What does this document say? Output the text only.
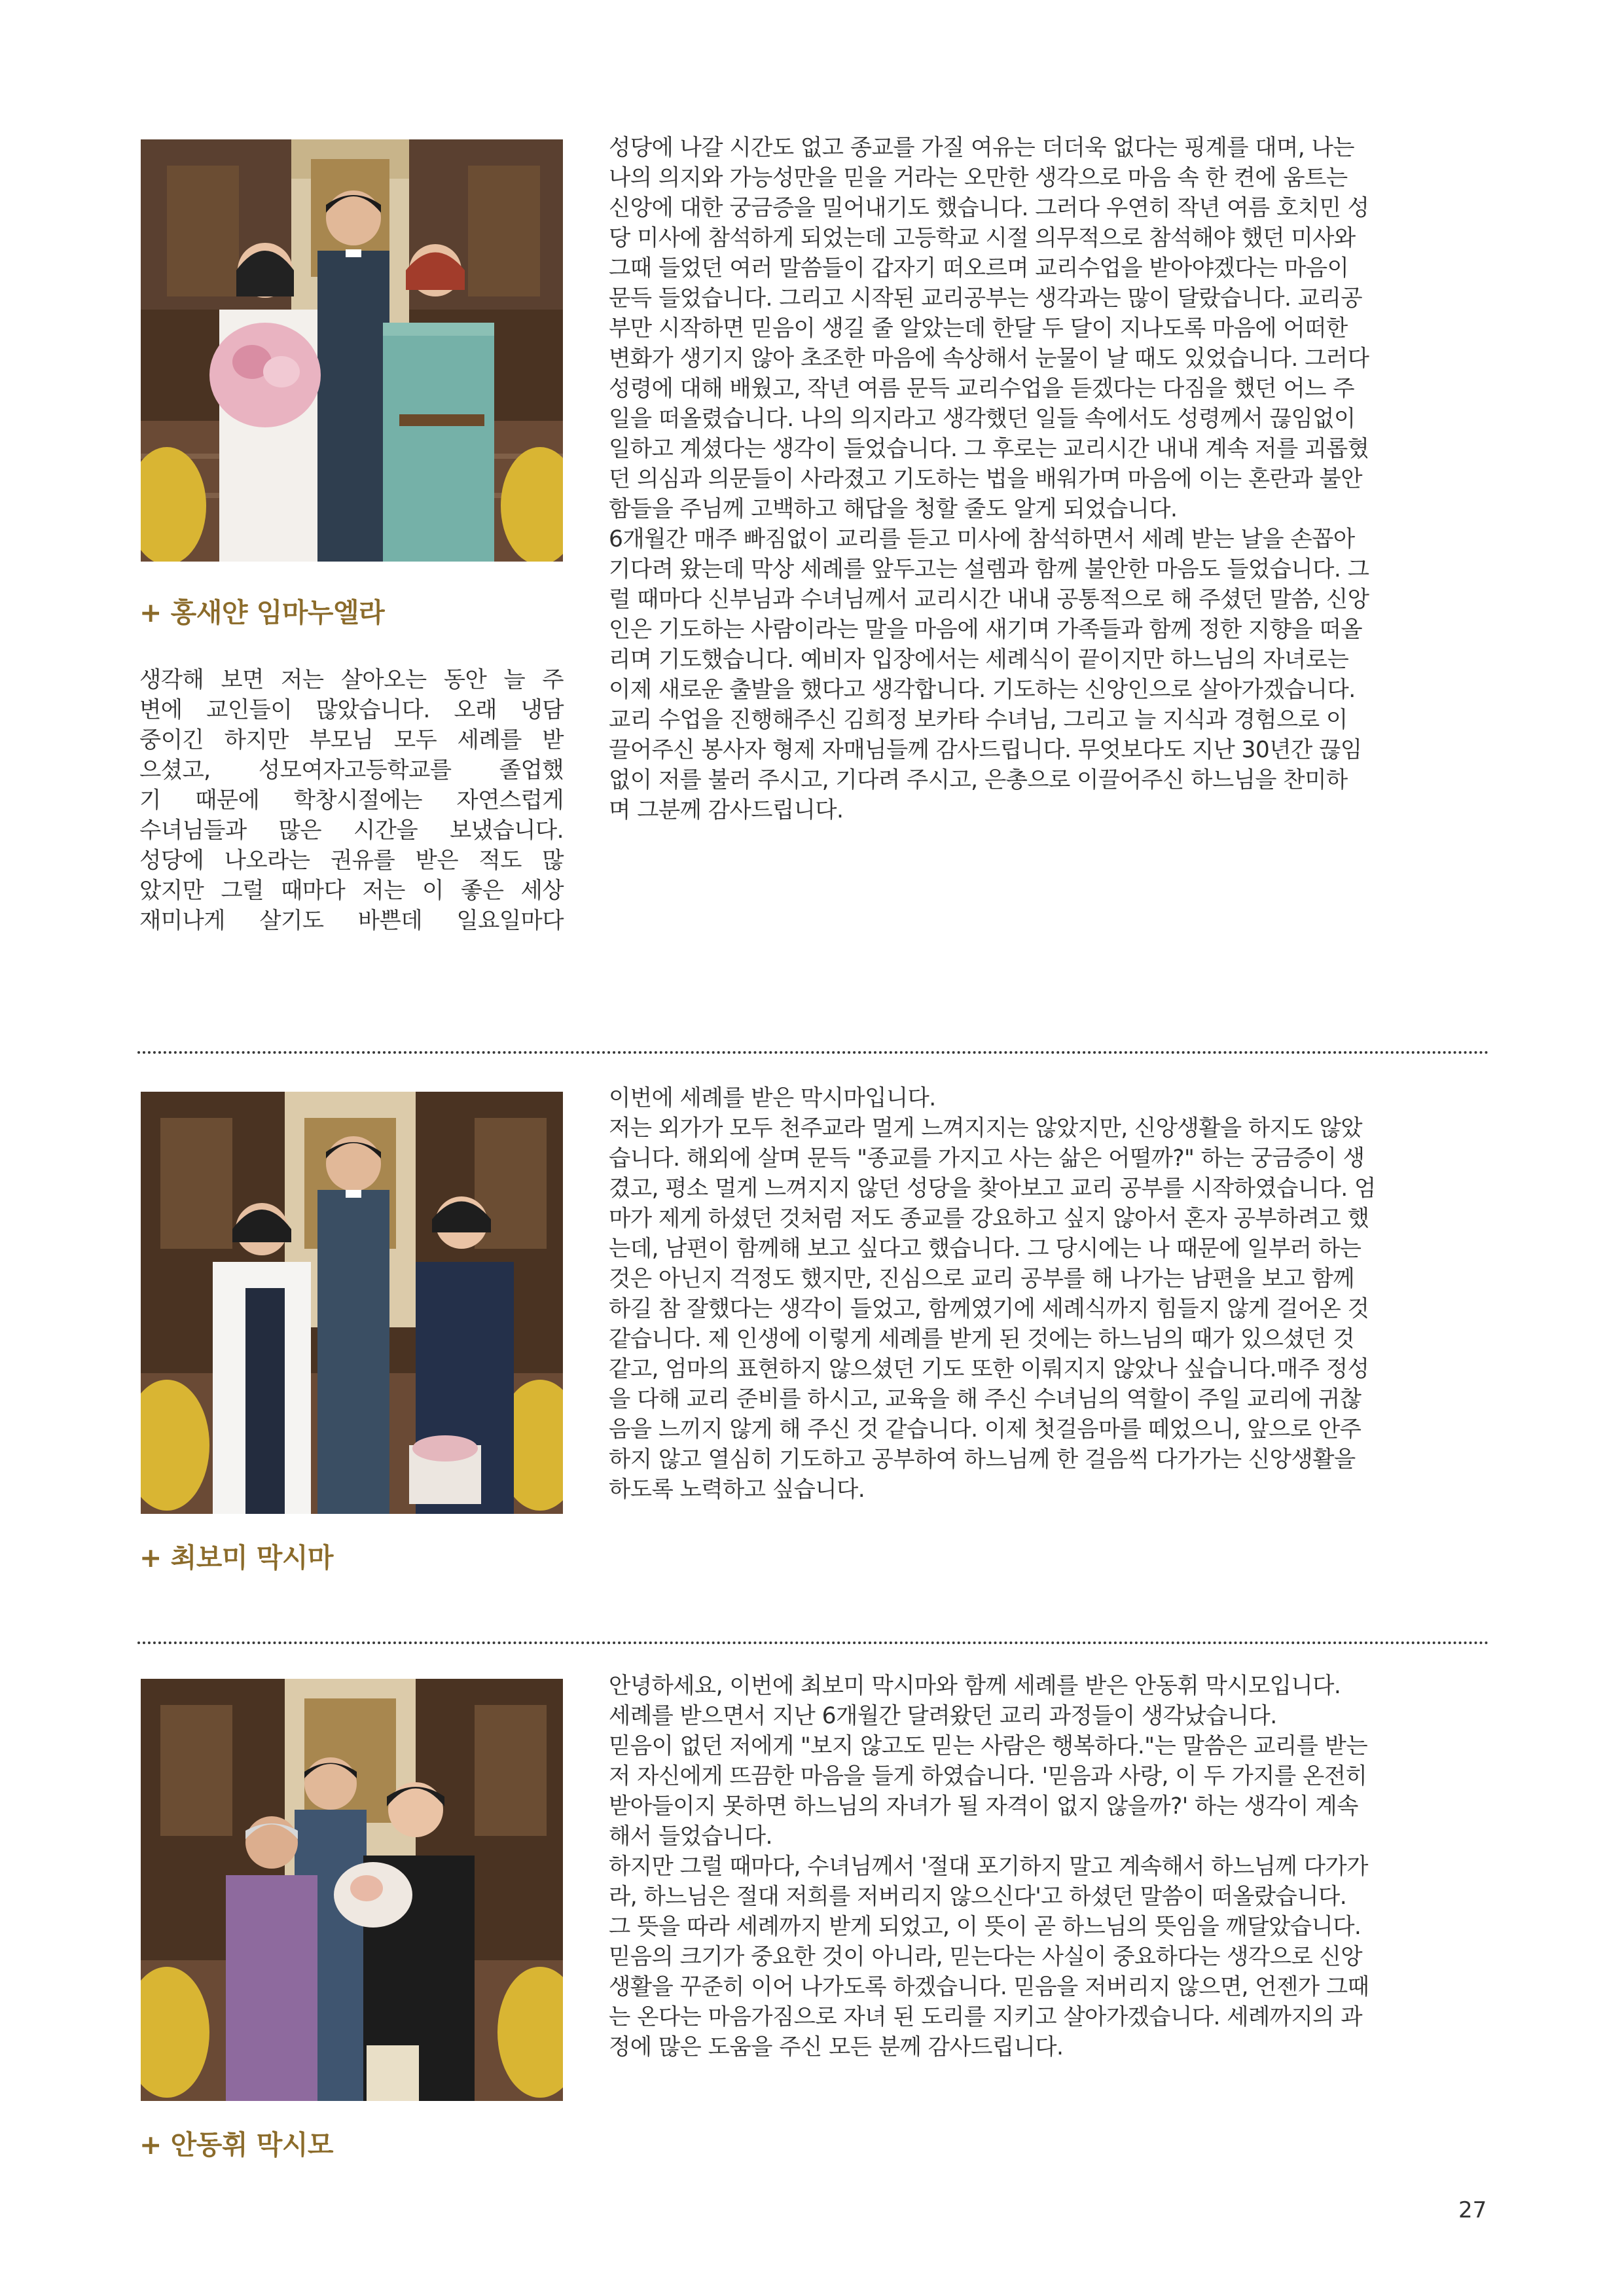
+ 홍새얀 임마누엘라

생각해 보면 저는 살아오는 동안 늘 주

변에 교인들이 많았습니다. 오래 냉담

중이긴 하지만 부모님 모두 세례를 받

으셨고, 성모여자고등학교를 졸업했

기 때문에 학창시절에는 자연스럽게

수녀님들과 많은 시간을 보냈습니다.

성당에 나오라는 권유를 받은 적도 많

았지만 그럴 때마다 저는 이 좋은 세상

재미나게 살기도 바쁜데 일요일마다

성당에 나갈 시간도 없고 종교를 가질 여유는 더더욱 없다는 핑계를 대며, 나는

나의 의지와 가능성만을 믿을 거라는 오만한 생각으로 마음 속 한 켠에 움트는

신앙에 대한 궁금증을 밀어내기도 했습니다. 그러다 우연히 작년 여름 호치민 성

당 미사에 참석하게 되었는데 고등학교 시절 의무적으로 참석해야 했던 미사와

그때 들었던 여러 말씀들이 갑자기 떠오르며 교리수업을 받아야겠다는 마음이

문득 들었습니다. 그리고 시작된 교리공부는 생각과는 많이 달랐습니다. 교리공

부만 시작하면 믿음이 생길 줄 알았는데 한달 두 달이 지나도록 마음에 어떠한

변화가 생기지 않아 초조한 마음에 속상해서 눈물이 날 때도 있었습니다. 그러다

성령에 대해 배웠고, 작년 여름 문득 교리수업을 듣겠다는 다짐을 했던 어느 주

일을 떠올렸습니다. 나의 의지라고 생각했던 일들 속에서도 성령께서 끊임없이

일하고 계셨다는 생각이 들었습니다. 그 후로는 교리시간 내내 계속 저를 괴롭혔

던 의심과 의문들이 사라졌고 기도하는 법을 배워가며 마음에 이는 혼란과 불안

함들을 주님께 고백하고 해답을 청할 줄도 알게 되었습니다.

6개월간 매주 빠짐없이 교리를 듣고 미사에 참석하면서 세례 받는 날을 손꼽아

기다려 왔는데 막상 세례를 앞두고는 설렘과 함께 불안한 마음도 들었습니다. 그

럴 때마다 신부님과 수녀님께서 교리시간 내내 공통적으로 해 주셨던 말씀, 신앙

인은 기도하는 사람이라는 말을 마음에 새기며 가족들과 함께 정한 지향을 떠올

리며 기도했습니다. 예비자 입장에서는 세례식이 끝이지만 하느님의 자녀로는

이제 새로운 출발을 했다고 생각합니다. 기도하는 신앙인으로 살아가겠습니다.

교리 수업을 진행해주신 김희정 보카타 수녀님, 그리고 늘 지식과 경험으로 이

끌어주신 봉사자 형제 자매님들께 감사드립니다. 무엇보다도 지난 30년간 끊임

없이 저를 불러 주시고, 기다려 주시고, 은총으로 이끌어주신 하느님을 찬미하

며 그분께 감사드립니다.

+ 최보미 막시마

이번에 세례를 받은 막시마입니다.

저는 외가가 모두 천주교라 멀게 느껴지지는 않았지만, 신앙생활을 하지도 않았

습니다. 해외에 살며 문득 "종교를 가지고 사는 삶은 어떨까?" 하는 궁금증이 생

겼고, 평소 멀게 느껴지지 않던 성당을 찾아보고 교리 공부를 시작하였습니다. 엄

마가 제게 하셨던 것처럼 저도 종교를 강요하고 싶지 않아서 혼자 공부하려고 했

는데, 남편이 함께해 보고 싶다고 했습니다. 그 당시에는 나 때문에 일부러 하는

것은 아닌지 걱정도 했지만, 진심으로 교리 공부를 해 나가는 남편을 보고 함께

하길 참 잘했다는 생각이 들었고, 함께였기에 세례식까지 힘들지 않게 걸어온 것

같습니다. 제 인생에 이렇게 세례를 받게 된 것에는 하느님의 때가 있으셨던 것

같고, 엄마의 표현하지 않으셨던 기도 또한 이뤄지지 않았나 싶습니다.매주 정성

을 다해 교리 준비를 하시고, 교육을 해 주신 수녀님의 역할이 주일 교리에 귀찮

음을 느끼지 않게 해 주신 것 같습니다. 이제 첫걸음마를 떼었으니, 앞으로 안주

하지 않고 열심히 기도하고 공부하여 하느님께 한 걸음씩 다가가는 신앙생활을

하도록 노력하고 싶습니다.

+ 안동휘 막시모

안녕하세요, 이번에 최보미 막시마와 함께 세례를 받은 안동휘 막시모입니다.

세례를 받으면서 지난 6개월간 달려왔던 교리 과정들이 생각났습니다.

믿음이 없던 저에게 "보지 않고도 믿는 사람은 행복하다."는 말씀은 교리를 받는

저 자신에게 뜨끔한 마음을 들게 하였습니다. '믿음과 사랑, 이 두 가지를 온전히

받아들이지 못하면 하느님의 자녀가 될 자격이 없지 않을까?' 하는 생각이 계속

해서 들었습니다.

하지만 그럴 때마다, 수녀님께서 '절대 포기하지 말고 계속해서 하느님께 다가가

라, 하느님은 절대 저희를 저버리지 않으신다'고 하셨던 말씀이 떠올랐습니다.

그 뜻을 따라 세례까지 받게 되었고, 이 뜻이 곧 하느님의 뜻임을 깨달았습니다.

믿음의 크기가 중요한 것이 아니라, 믿는다는 사실이 중요하다는 생각으로 신앙

생활을 꾸준히 이어 나가도록 하겠습니다. 믿음을 저버리지 않으면, 언젠가 그때

는 온다는 마음가짐으로 자녀 된 도리를 지키고 살아가겠습니다. 세례까지의 과

정에 많은 도움을 주신 모든 분께 감사드립니다.

27
